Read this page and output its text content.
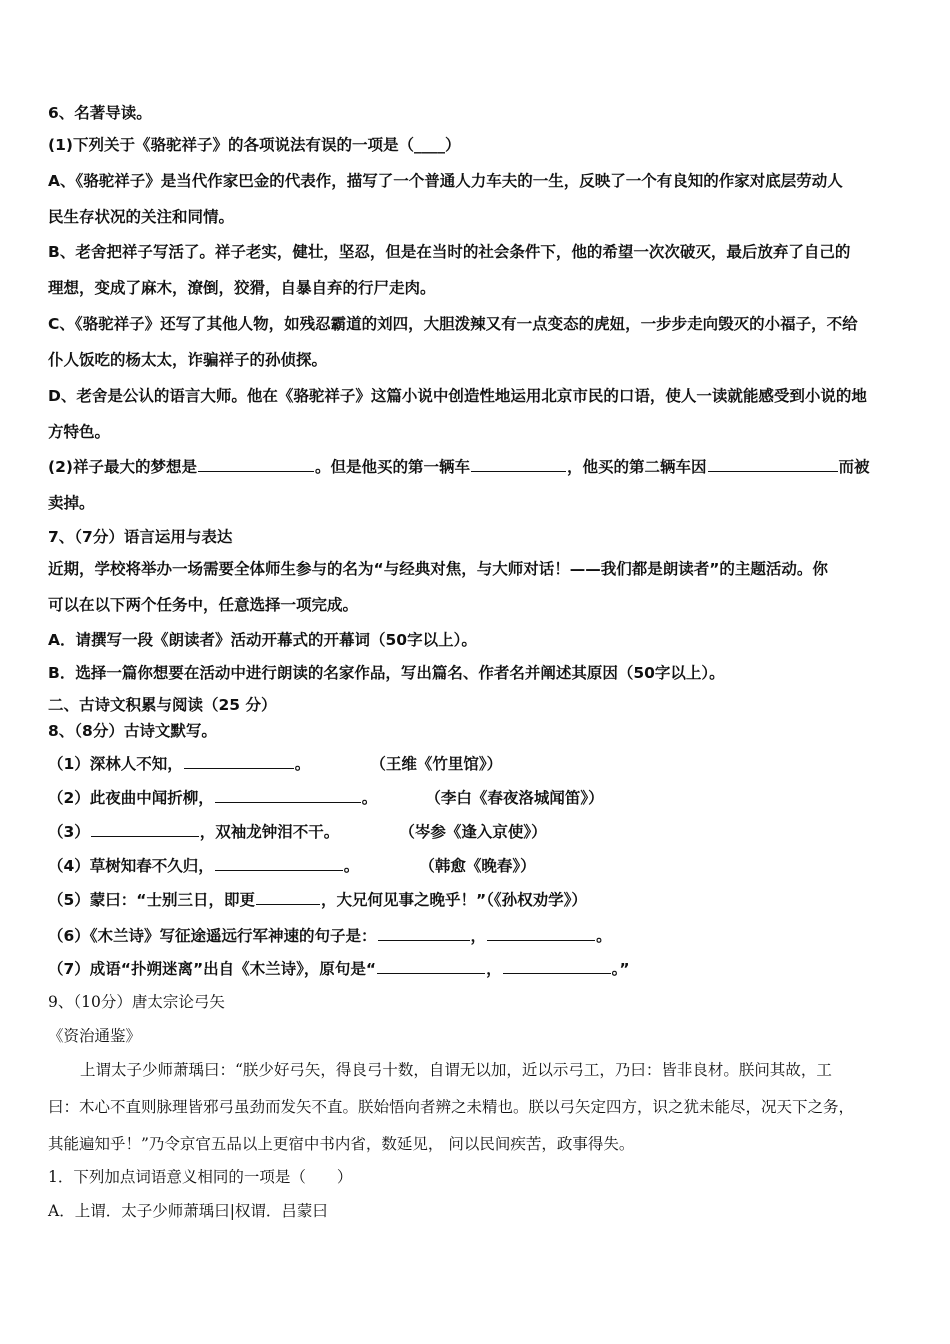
6、名著导读。
(1)下列关于《骆驼祥子》的各项说法有误的一项是（____）
A、《骆驼祥子》是当代作家巴金的代表作，描写了一个普通人力车夫的一生，反映了一个有良知的作家对底层劳动人
民生存状况的关注和同情。
B、老舍把祥子写活了。祥子老实，健壮，坚忍，但是在当时的社会条件下，他的希望一次次破灭，最后放弃了自己的
理想，变成了麻木，潦倒，狡猾，自暴自弃的行尸走肉。
C、《骆驼祥子》还写了其他人物，如残忍霸道的刘四，大胆泼辣又有一点变态的虎妞，一步步走向毁灭的小福子，不给
仆人饭吃的杨太太，诈骗祥子的孙侦探。
D、老舍是公认的语言大师。他在《骆驼祥子》这篇小说中创造性地运用北京市民的口语，使人一读就能感受到小说的地
方特色。
(2)祥子最大的梦想是	。但是他买的第一辆车	，他买的第二辆车因	而被
卖掉。
7、（7分）语言运用与表达
近期，学校将举办一场需要全体师生参与的名为“与经典对焦，与大师对话！——我们都是朗读者”的主题活动。你
可以在以下两个任务中，任意选择一项完成。
A．请撰写一段《朗读者》活动开幕式的开幕词（50字以上）。
B．选择一篇你想要在活动中进行朗读的名家作品，写出篇名、作者名并阐述其原因（50字以上）。
二、古诗文积累与阅读（25 分）
8、（8分）古诗文默写。
（1）深林人不知，	。	（王维《竹里馆》）
（2）此夜曲中闻折柳，	。	（李白《春夜洛城闻笛》）
（3）	，双袖龙钟泪不干。	（岑参《逢入京使》）
（4）草树知春不久归，	。	（韩愈《晚春》）
（5）蒙曰：“士别三日，即更	，大兄何见事之晚乎！”（《孙权劝学》）
（6）《木兰诗》写征途遥远行军神速的句子是：	，	。
（7）成语“扑朔迷离”出自《木兰诗》，原句是“	，	。”
9、（10分）唐太宗论弓矢
《资治通鉴》
上谓太子少师萧瑀曰：“朕少好弓矢，得良弓十数，自谓无以加，近以示弓工，乃曰：皆非良材。朕问其故，工
曰：木心不直则脉理皆邪弓虽劲而发矢不直。朕始悟向者辨之未精也。朕以弓矢定四方，识之犹未能尽，况天下之务，
其能遍知乎！”乃令京官五品以上更宿中书内省，数延见， 问以民间疾苦，政事得失。
1．下列加点词语意义相同的一项是（　　）
A．上谓．太子少师萧瑀曰|权谓．吕蒙曰
